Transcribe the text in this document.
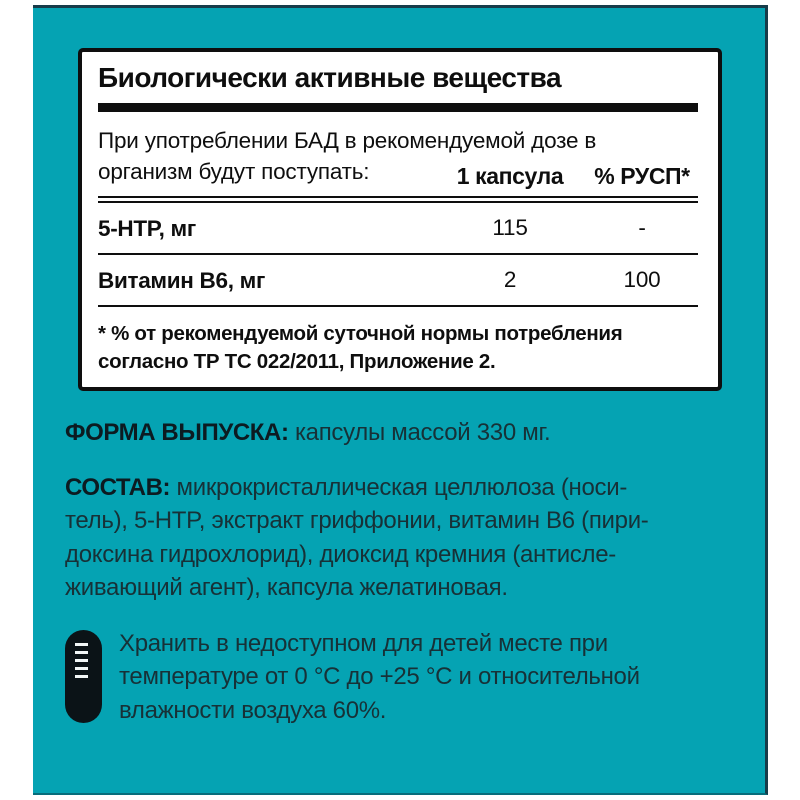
Биологически активные вещества
При употреблении БАД в рекомендуемой дозе в
организм будут поступать:	1 капсула	% РУСП*
5-HTP, мг	115	-
Витамин B6, мг	2	100
* % от рекомендуемой суточной нормы потребления
согласно ТР ТС 022/2011, Приложение 2.

ФОРМА ВЫПУСКА: капсулы массой 330 мг.

СОСТАВ: микрокристаллическая целлюлоза (носи-
тель), 5-HTP, экстракт гриффонии, витамин B6 (пири-
доксина гидрохлорид), диоксид кремния (антисле-
живающий агент), капсула желатиновая.

Хранить в недоступном для детей месте при
температуре от 0 °C до +25 °C и относительной
влажности воздуха 60%.
